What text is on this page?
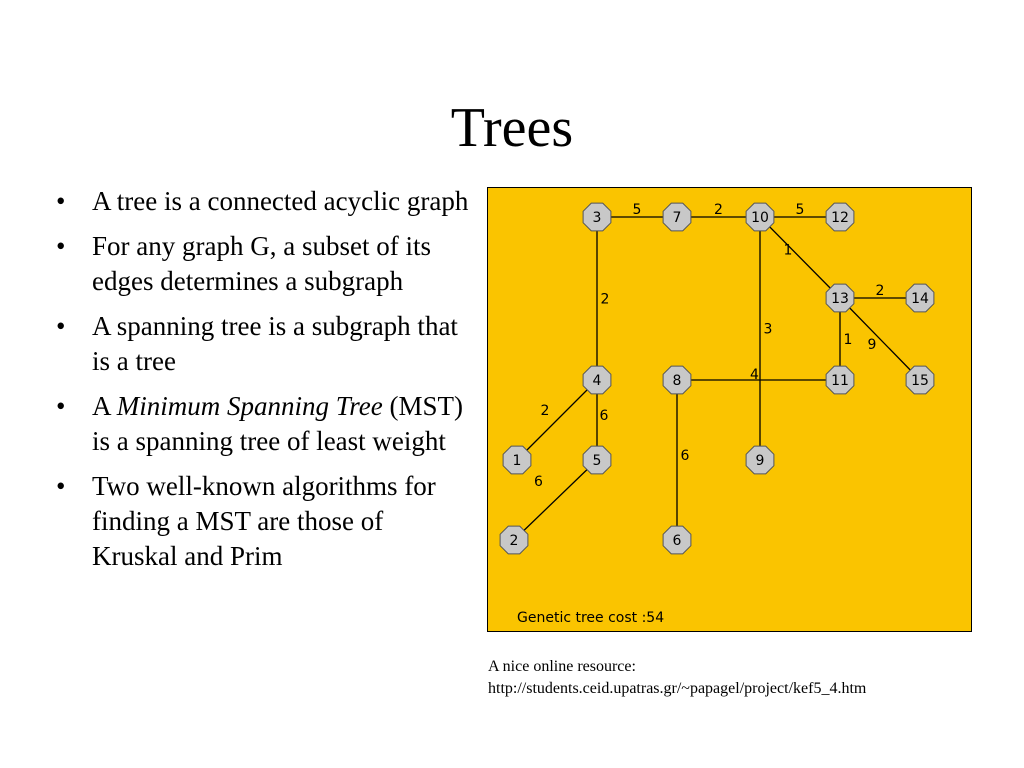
Trees
• A tree is a connected acyclic graph
• For any graph G, a subset of its edges determines a subgraph
• A spanning tree is a subgraph that is a tree
• A Minimum Spanning Tree (MST) is a spanning tree of least weight
• Two well-known algorithms for finding a MST are those of Kruskal and Prim
5	2	5
1
2
1 9
2
3
4
2	6
6
6
1
2
3
4
5
6
7
8
9
10
11
12
13	14
15
Genetic tree cost :54
A nice online resource:
http://students.ceid.upatras.gr/~papagel/project/kef5_4.htm
